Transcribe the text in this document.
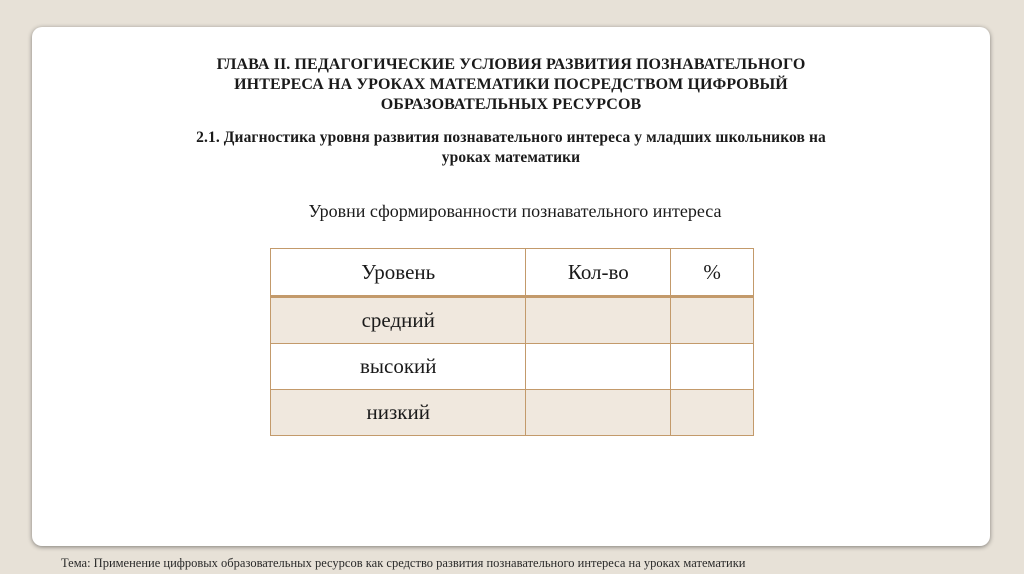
ГЛАВА II. ПЕДАГОГИЧЕСКИЕ УСЛОВИЯ РАЗВИТИЯ ПОЗНАВАТЕЛЬНОГО
ИНТЕРЕСА НА УРОКАХ МАТЕМАТИКИ ПОСРЕДСТВОМ ЦИФРОВЫЙ
ОБРАЗОВАТЕЛЬНЫХ РЕСУРСОВ
2.1. Диагностика уровня развития познавательного интереса у младших школьников на
уроках математики
Уровни сформированности познавательного интереса
Уровень	Кол-во	%
средний		
высокий		
низкий		
Тема: Применение цифровых образовательных ресурсов как средство развития познавательного интереса на уроках математики
